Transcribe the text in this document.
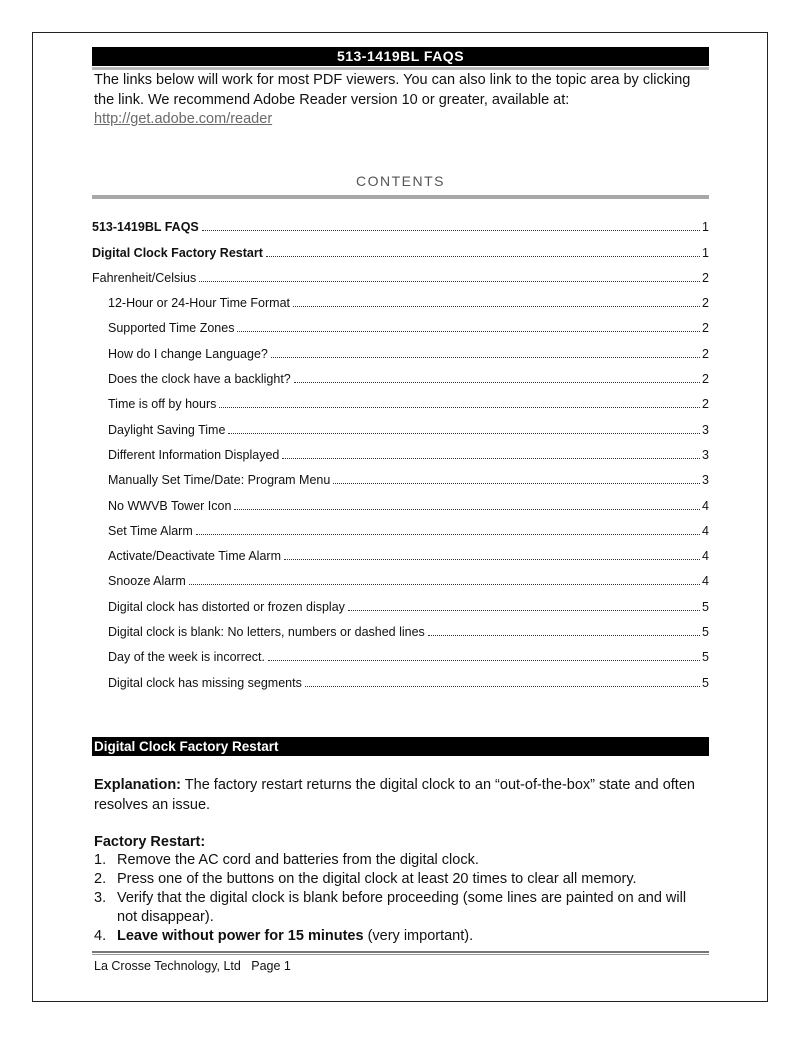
513-1419BL FAQS
The links below will work for most PDF viewers. You can also link to the topic area by clicking the link. We recommend Adobe Reader version 10 or greater, available at:
http://get.adobe.com/reader
CONTENTS
513-1419BL FAQS	1
Digital Clock Factory Restart	1
Fahrenheit/Celsius	2
12-Hour or 24-Hour Time Format	2
Supported Time Zones	2
How do I change Language?	2
Does the clock have a backlight?	2
Time is off by hours	2
Daylight Saving Time	3
Different Information Displayed	3
Manually Set Time/Date: Program Menu	3
No WWVB Tower Icon	4
Set Time Alarm	4
Activate/Deactivate Time Alarm	4
Snooze Alarm	4
Digital clock has distorted or frozen display	5
Digital clock is blank: No letters, numbers or dashed lines	5
Day of the week is incorrect.	5
Digital clock has missing segments	5
Digital Clock Factory Restart
Explanation: The factory restart returns the digital clock to an “out-of-the-box” state and often resolves an issue.
Factory Restart:
1. Remove the AC cord and batteries from the digital clock.
2. Press one of the buttons on the digital clock at least 20 times to clear all memory.
3. Verify that the digital clock is blank before proceeding (some lines are painted on and will not disappear).
4. Leave without power for 15 minutes (very important).
La Crosse Technology, Ltd   Page 1
